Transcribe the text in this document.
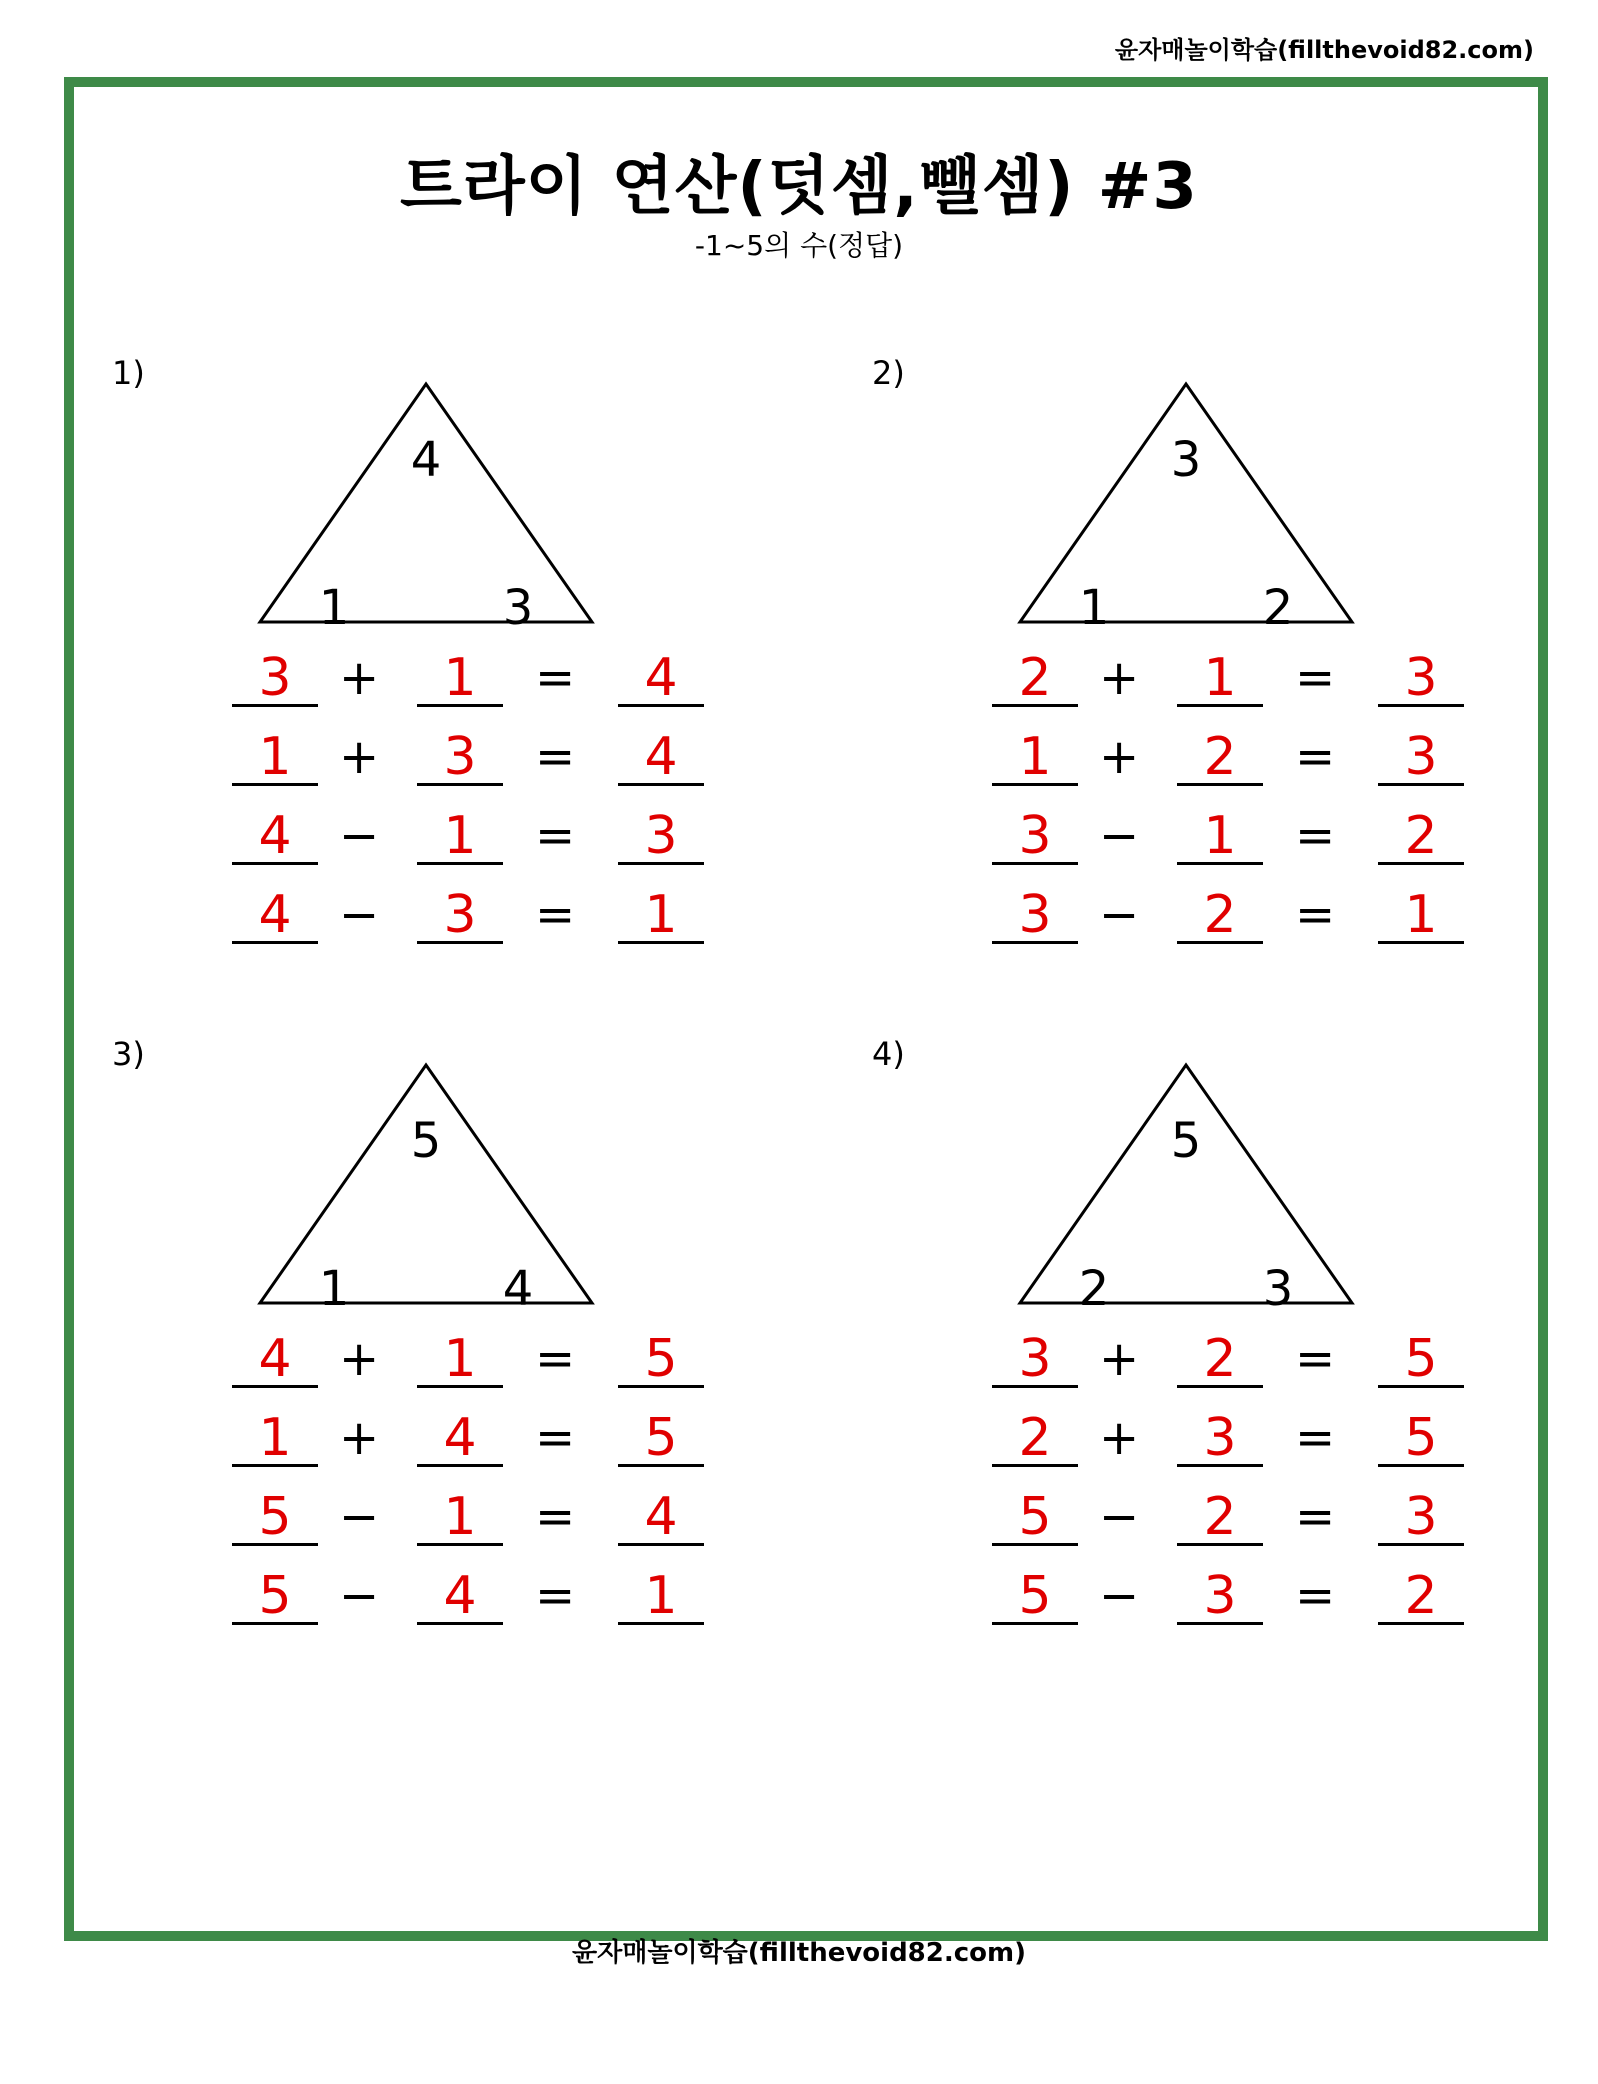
윤자매놀이학습(fillthevoid82.com)
트라이 연산(덧셈,뺄셈) #3
-1~5의 수(정답)
1)
4
1	3
3 +	1	=	4
1 +	3	=	4
4 −	1	=	3
4 −	3	=	1
2)
3
1	2
2 +	1	=	3
1 +	2	=	3
3 −	1	=	2
3 −	2	=	1
3)
5
1	4
4 +	1	=	5
1 +	4	=	5
5 −	1	=	4
5 −	4	=	1
4)
5
2	3
3 +	2	=	5
2 +	3	=	5
5 −	2	=	3
5 −	3	=	2
윤자매놀이학습(fillthevoid82.com)
